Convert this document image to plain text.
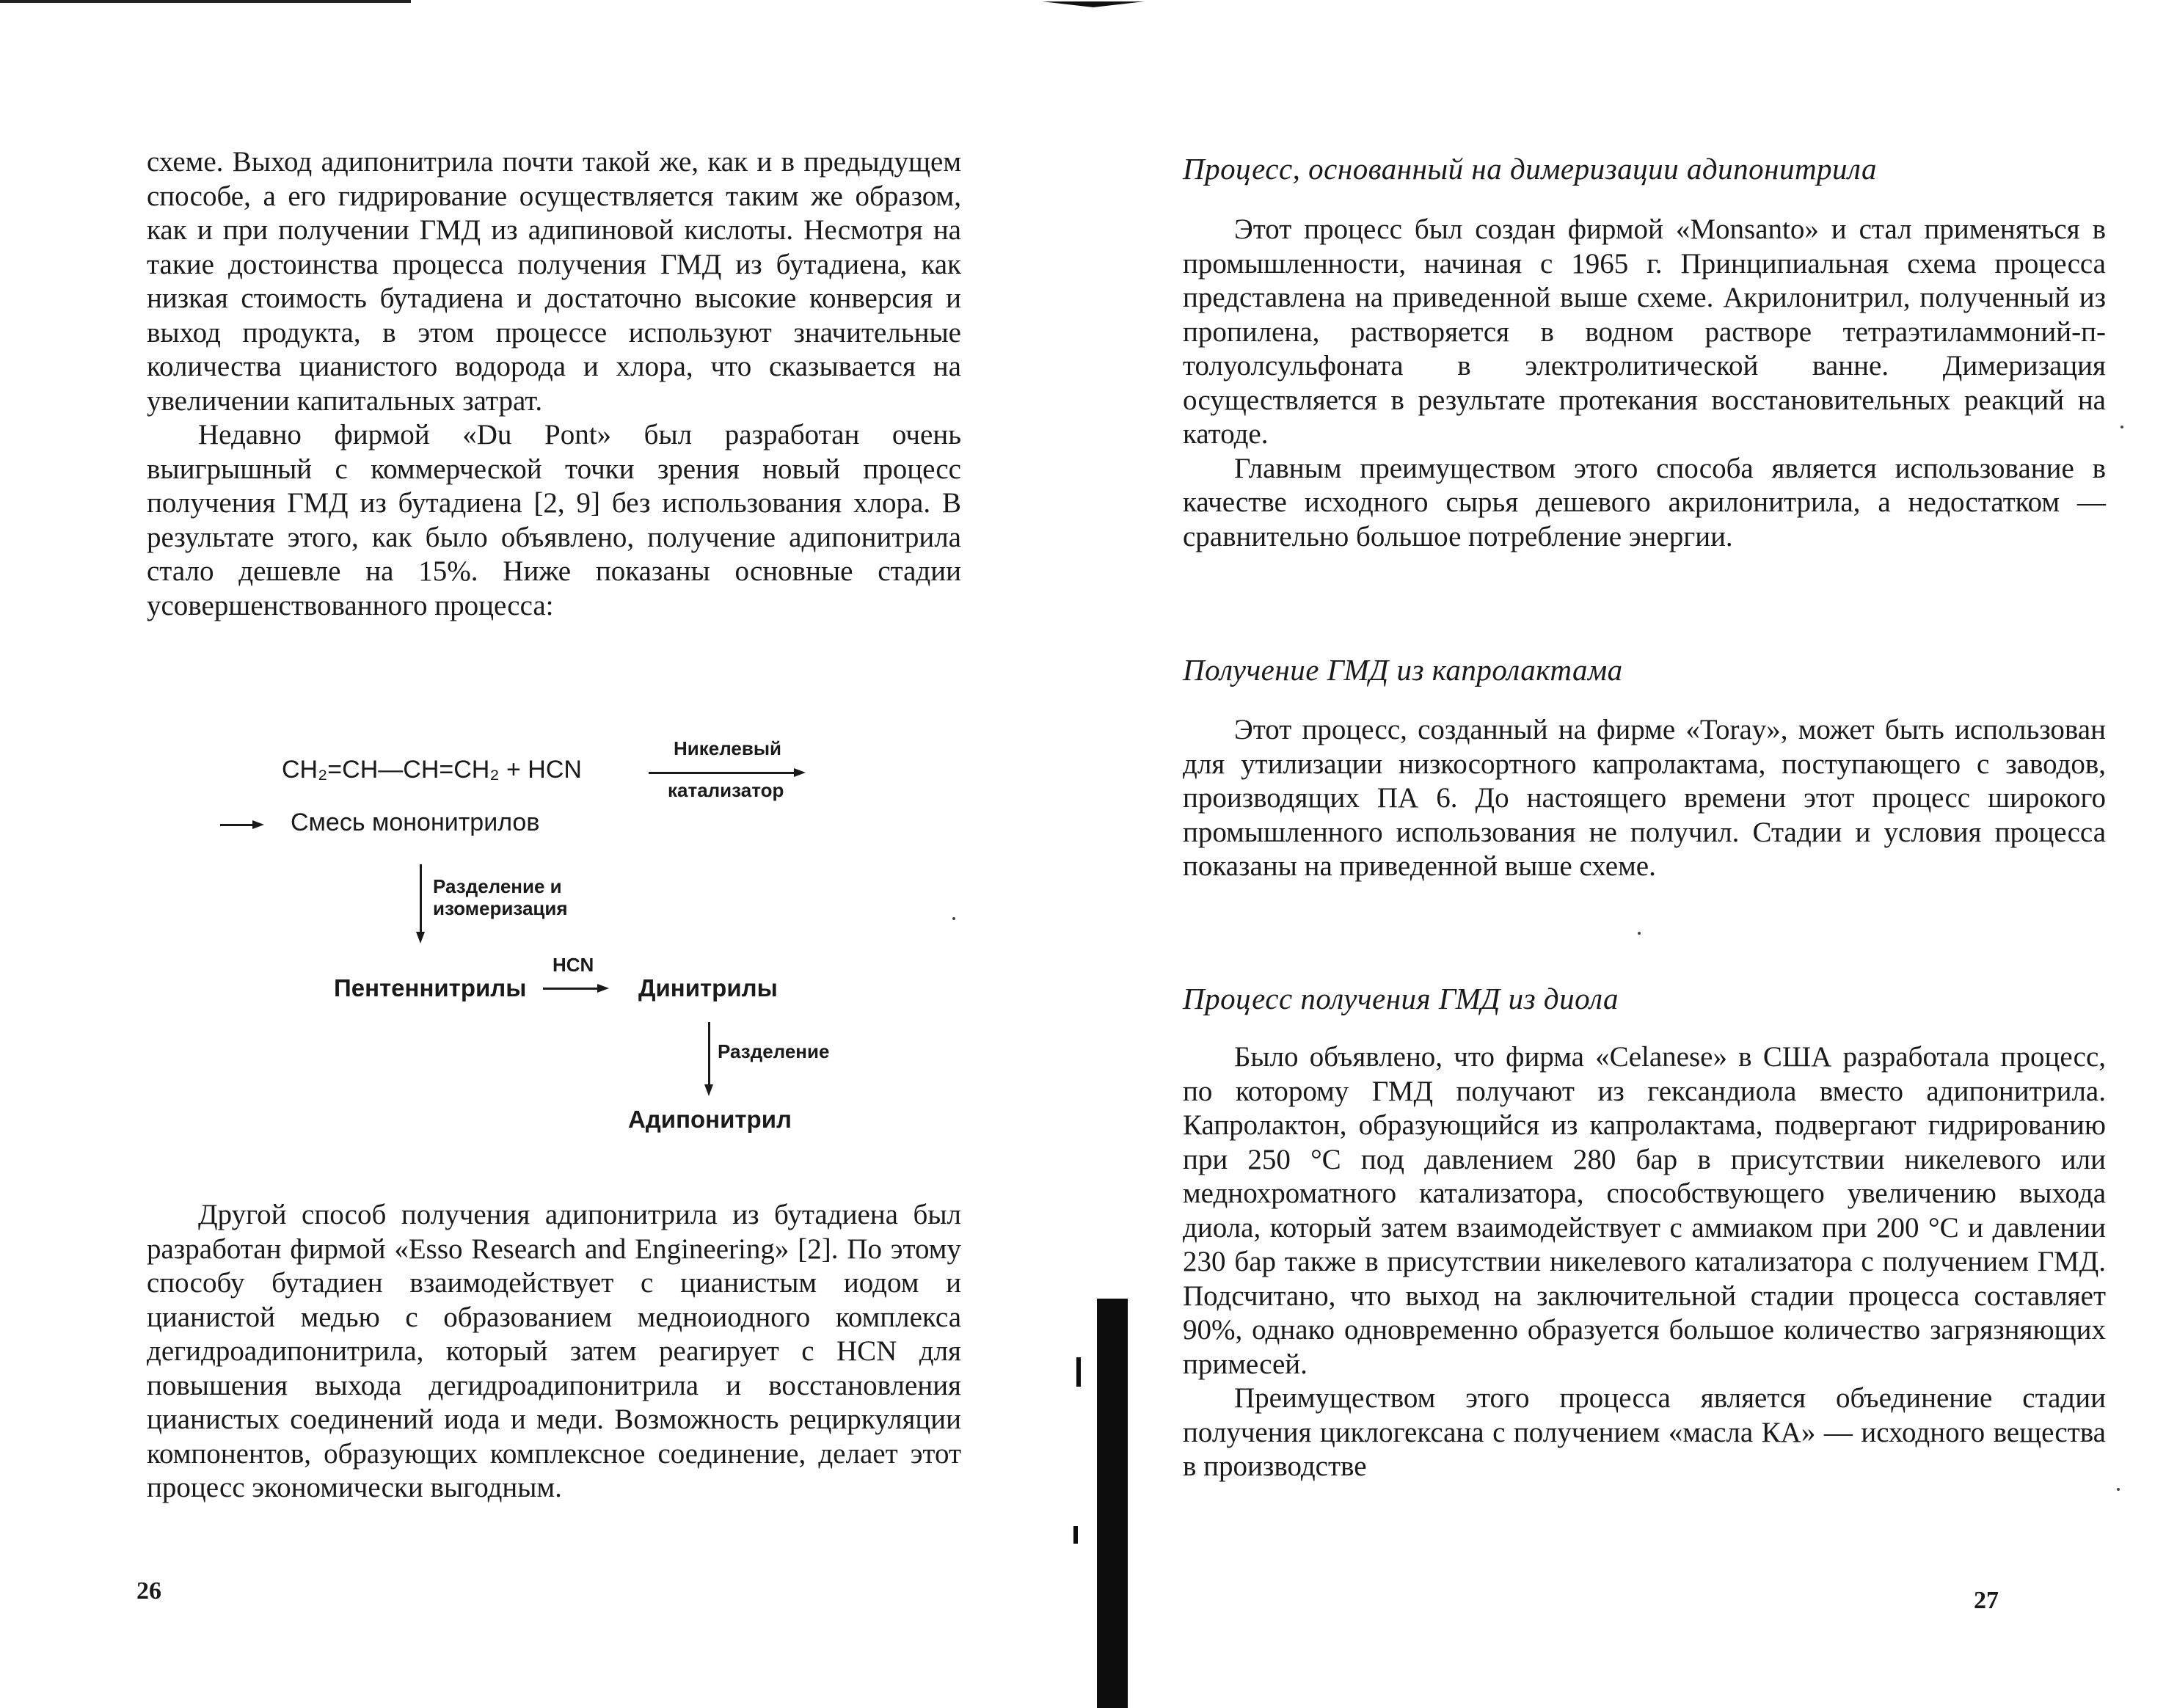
схеме. Выход адипонитрила почти такой же, как и в предыдущем способе, а его гидрирование осуществляется таким же образом, как и при получении ГМД из адипиновой кислоты. Несмотря на такие достоинства процесса получения ГМД из бутадиена, как низкая стоимость бутадиена и достаточно высокие конверсия и выход продукта, в этом процессе используют значительные количества цианистого водорода и хлора, что сказывается на увеличении капитальных затрат.

Недавно фирмой «Du Pont» был разработан очень выигрышный с коммерческой точки зрения новый процесс получения ГМД из бутадиена [2, 9] без использования хлора. В результате этого, как было объявлено, получение адипонитрила стало дешевле на 15%. Ниже показаны основные стадии усовершенствованного процесса:

CH₂=CH—CH=CH₂ + HCN
Никелевый
катализатор
Смесь мононитрилов
Разделение и
изомеризация
Пентеннитрилы
HCN
Динитрилы
Разделение
Адипонитрил

Другой способ получения адипонитрила из бутадиена был разработан фирмой «Esso Research and Engineering» [2]. По этому способу бутадиен взаимодействует с цианистым иодом и цианистой медью с образованием медноиодного комплекса дегидроадипонитрила, который затем реагирует с HCN для повышения выхода дегидроадипонитрила и восстановления цианистых соединений иода и меди. Возможность рециркуляции компонентов, образующих комплексное соединение, делает этот процесс экономически выгодным.

26

Процесс, основанный на димеризации адипонитрила

Этот процесс был создан фирмой «Monsanto» и стал применяться в промышленности, начиная с 1965 г. Принципиальная схема процесса представлена на приведенной выше схеме. Акрилонитрил, полученный из пропилена, растворяется в водном растворе тетраэтиламмоний-п-толуолсульфоната в электролитической ванне. Димеризация осуществляется в результате протекания восстановительных реакций на катоде.

Главным преимуществом этого способа является использование в качестве исходного сырья дешевого акрилонитрила, а недостатком — сравнительно большое потребление энергии.

Получение ГМД из капролактама

Этот процесс, созданный на фирме «Toray», может быть использован для утилизации низкосортного капролактама, поступающего с заводов, производящих ПА 6. До настоящего времени этот процесс широкого промышленного использования не получил. Стадии и условия процесса показаны на приведенной выше схеме.

Процесс получения ГМД из диола

Было объявлено, что фирма «Celanese» в США разработала процесс, по которому ГМД получают из гександиола вместо адипонитрила. Капролактон, образующийся из капролактама, подвергают гидрированию при 250 °C под давлением 280 бар в присутствии никелевого или меднохроматного катализатора, способствующего увеличению выхода диола, который затем взаимодействует с аммиаком при 200 °C и давлении 230 бар также в присутствии никелевого катализатора с получением ГМД. Подсчитано, что выход на заключительной стадии процесса составляет 90%, однако одновременно образуется большое количество загрязняющих примесей.

Преимуществом этого процесса является объединение стадии получения циклогексана с получением «масла КА» — исходного вещества в производстве

27
